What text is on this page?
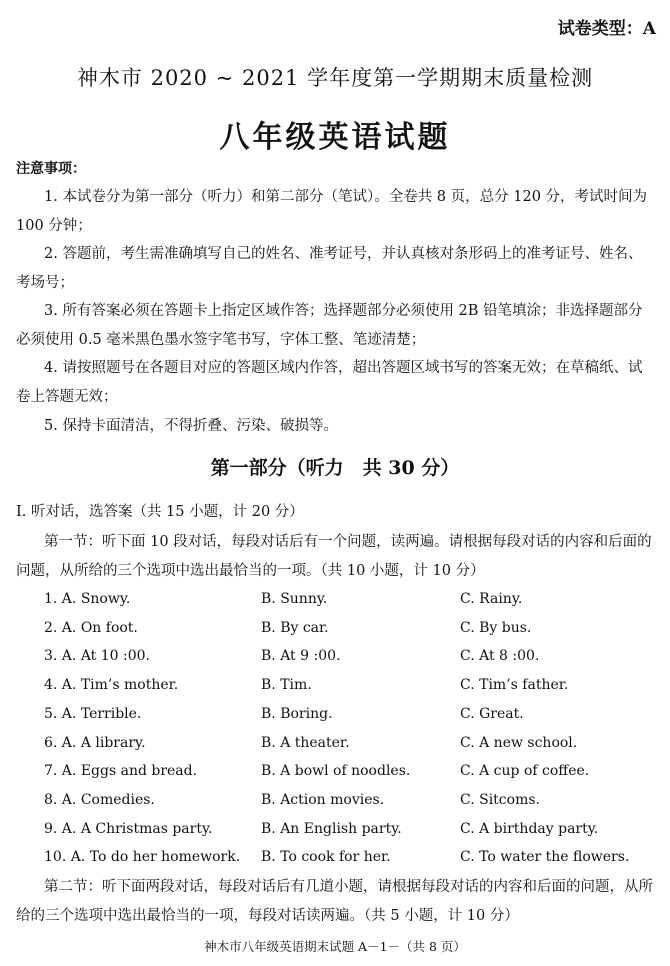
试卷类型：A
神木市 2020 ~ 2021 学年度第一学期期末质量检测
八年级英语试题
注意事项：
1. 本试卷分为第一部分（听力）和第二部分（笔试）。全卷共 8 页，总分 120 分，考试时间为 100 分钟；
2. 答题前，考生需准确填写自己的姓名、准考证号，并认真核对条形码上的准考证号、姓名、考场号；
3. 所有答案必须在答题卡上指定区域作答；选择题部分必须使用 2B 铅笔填涂；非选择题部分必须使用 0.5 毫米黑色墨水签字笔书写，字体工整、笔迹清楚；
4. 请按照题号在各题目对应的答题区域内作答，超出答题区域书写的答案无效；在草稿纸、试卷上答题无效；
5. 保持卡面清洁，不得折叠、污染、破损等。
第一部分（听力　共 30 分）
Ⅰ. 听对话，选答案（共 15 小题，计 20 分）
第一节：听下面 10 段对话，每段对话后有一个问题，读两遍。请根据每段对话的内容和后面的问题，从所给的三个选项中选出最恰当的一项。（共 10 小题，计 10 分）
1. A. Snowy.	B. Sunny.	C. Rainy.
2. A. On foot.	B. By car.	C. By bus.
3. A. At 10 :00.	B. At 9 :00.	C. At 8 :00.
4. A. Tim’s mother.	B. Tim.	C. Tim’s father.
5. A. Terrible.	B. Boring.	C. Great.
6. A. A library.	B. A theater.	C. A new school.
7. A. Eggs and bread.	B. A bowl of noodles.	C. A cup of coffee.
8. A. Comedies.	B. Action movies.	C. Sitcoms.
9. A. A Christmas party.	B. An English party.	C. A birthday party.
10. A. To do her homework. B. To cook for her.	C. To water the flowers.
第二节：听下面两段对话，每段对话后有几道小题，请根据每段对话的内容和后面的问题，从所给的三个选项中选出最恰当的一项，每段对话读两遍。（共 5 小题，计 10 分）
神木市八年级英语期末试题 A－1－（共 8 页）
